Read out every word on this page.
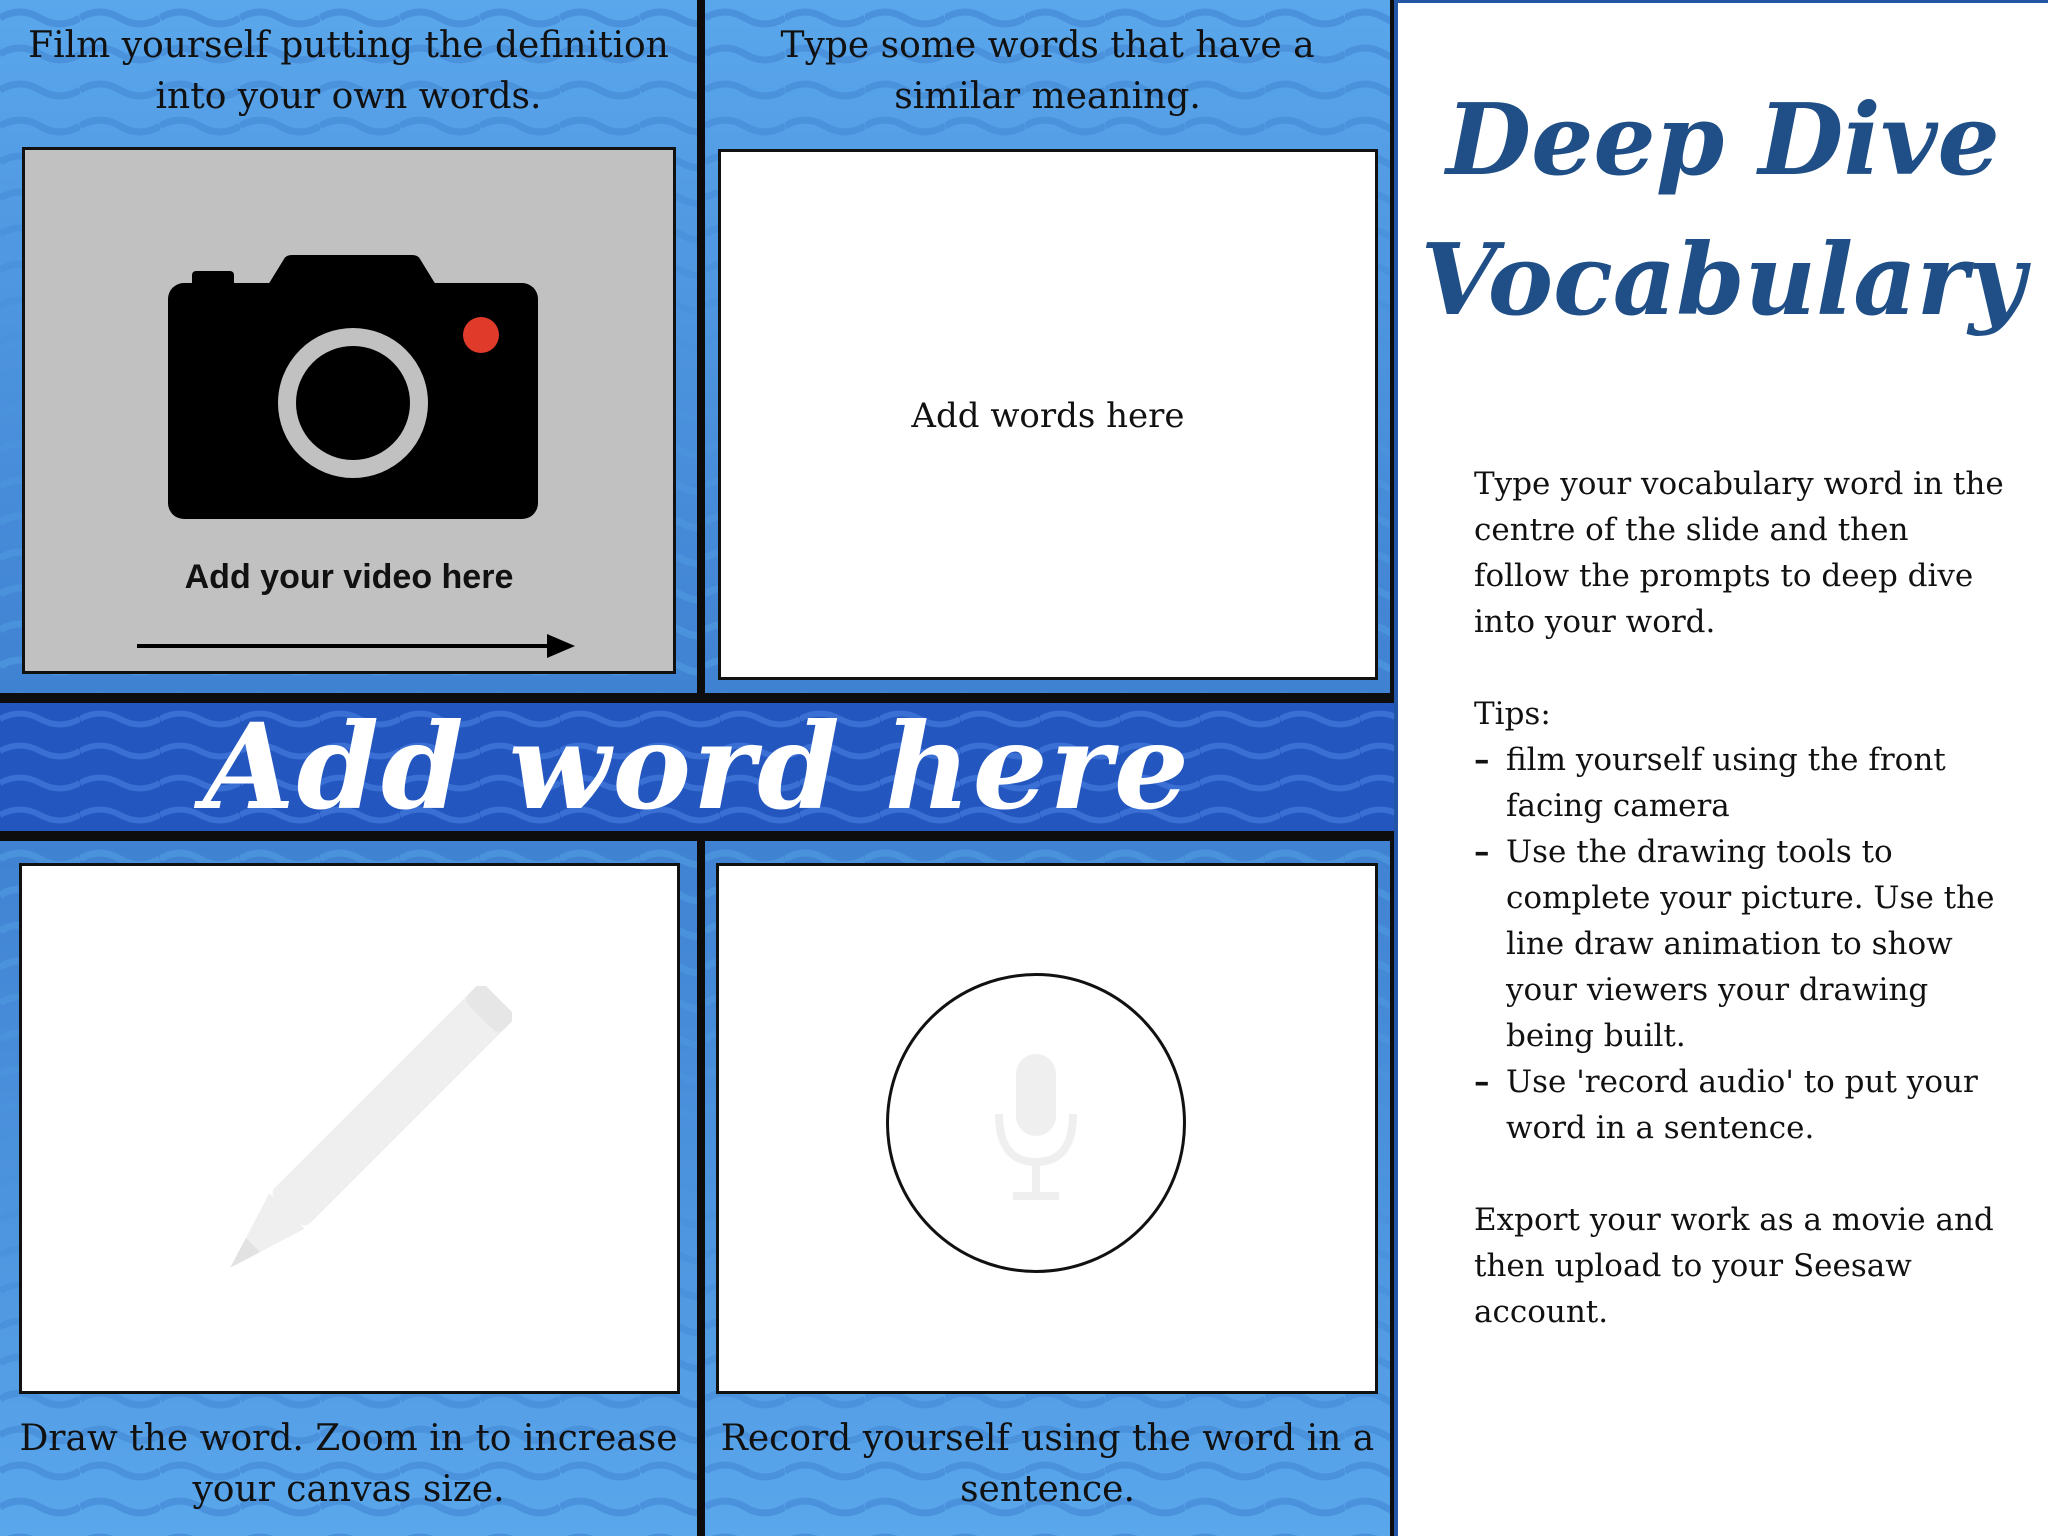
Film yourself putting the definition
into your own words.
Add your video here
Type some words that have a
similar meaning.
Add words here
Add word here
Draw the word. Zoom in to increase
your canvas size.
Record yourself using the word in a
sentence.
Deep Dive
Vocabulary
Type your vocabulary word in the centre of the slide and then follow the prompts to deep dive into your word.
Tips:
– film yourself using the front facing camera
– Use the drawing tools to complete your picture. Use the line draw animation to show your viewers your drawing being built.
– Use 'record audio' to put your word in a sentence.
Export your work as a movie and then upload to your Seesaw account.
